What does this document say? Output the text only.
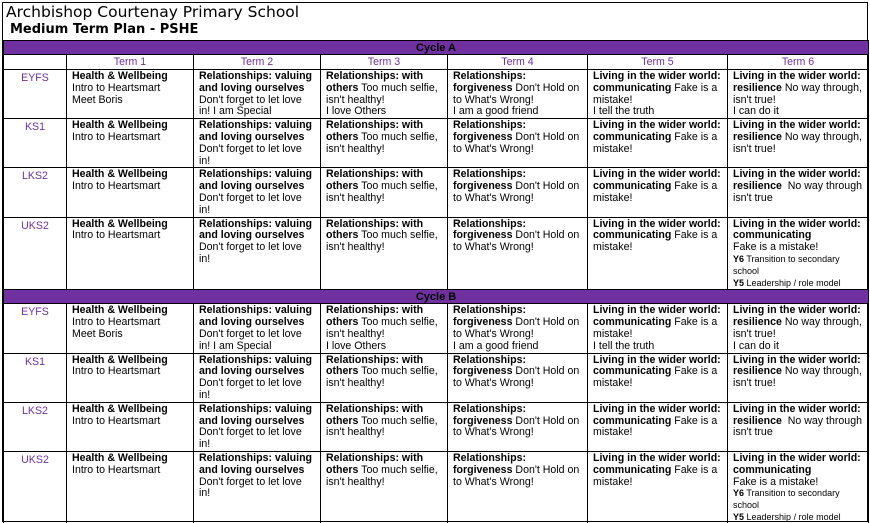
Archbishop Courtenay Primary School
Medium Term Plan - PSHE
Cycle A						
	Term 1	Term 2	Term 3	Term 4	Term 5	Term 6
EYFS	Health & Wellbeing
Intro to Heartsmart
Meet Boris	Relationships: valuing and loving ourselves
Don't forget to let love in! I am Special	Relationships: with others Too much selfie, isn't healthy!
I love Others	Relationships: forgiveness Don't Hold on to What's Wrong!
I am a good friend	Living in the wider world: communicating Fake is a mistake!
I tell the truth	Living in the wider world:
resilience No way through, isn't true!
I can do it
KS1	Health & Wellbeing
Intro to Heartsmart	Relationships: valuing and loving ourselves
Don't forget to let love in!	Relationships: with others Too much selfie, isn't healthy!	Relationships: forgiveness Don't Hold on to What's Wrong!	Living in the wider world: communicating Fake is a mistake!	Living in the wider world:
resilience No way through, isn't true!
LKS2	Health & Wellbeing
Intro to Heartsmart	Relationships: valuing and loving ourselves
Don't forget to let love in!	Relationships: with others Too much selfie, isn't healthy!	Relationships: forgiveness Don't Hold on to What's Wrong!	Living in the wider world: communicating Fake is a mistake!	Living in the wider world:
resilience No way through isn't true
UKS2	Health & Wellbeing
Intro to Heartsmart	Relationships: valuing and loving ourselves
Don't forget to let love in!	Relationships: with others Too much selfie, isn't healthy!	Relationships: forgiveness Don't Hold on to What's Wrong!	Living in the wider world: communicating Fake is a mistake!	Living in the wider world:
communicating
Fake is a mistake!
Y6 Transition to secondary school
Y5 Leadership / role model
Cycle B						
EYFS	Health & Wellbeing
Intro to Heartsmart
Meet Boris	Relationships: valuing and loving ourselves
Don't forget to let love in! I am Special	Relationships: with others Too much selfie, isn't healthy!
I love Others	Relationships: forgiveness Don't Hold on to What's Wrong!
I am a good friend	Living in the wider world: communicating Fake is a mistake!
I tell the truth	Living in the wider world:
resilience No way through, isn't true!
I can do it
KS1	Health & Wellbeing
Intro to Heartsmart	Relationships: valuing and loving ourselves
Don't forget to let love in!	Relationships: with others Too much selfie, isn't healthy!	Relationships: forgiveness Don't Hold on to What's Wrong!	Living in the wider world: communicating Fake is a mistake!	Living in the wider world:
resilience No way through, isn't true!
LKS2	Health & Wellbeing
Intro to Heartsmart	Relationships: valuing and loving ourselves
Don't forget to let love in!	Relationships: with others Too much selfie, isn't healthy!	Relationships: forgiveness Don't Hold on to What's Wrong!	Living in the wider world: communicating Fake is a mistake!	Living in the wider world:
resilience No way through isn't true
UKS2	Health & Wellbeing
Intro to Heartsmart	Relationships: valuing and loving ourselves
Don't forget to let love in!	Relationships: with others Too much selfie, isn't healthy!	Relationships: forgiveness Don't Hold on to What's Wrong!	Living in the wider world: communicating Fake is a mistake!	Living in the wider world:
communicating
Fake is a mistake!
Y6 Transition to secondary school
Y5 Leadership / role model
